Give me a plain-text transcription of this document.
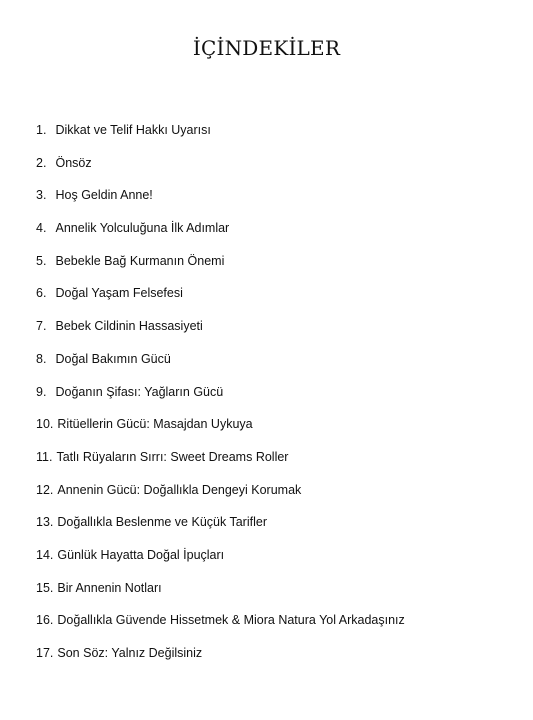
İÇİNDEKİLER
1. Dikkat ve Telif Hakkı Uyarısı
2. Önsöz
3. Hoş Geldin Anne!
4. Annelik Yolculuğuna İlk Adımlar
5. Bebekle Bağ Kurmanın Önemi
6. Doğal Yaşam Felsefesi
7. Bebek Cildinin Hassasiyeti
8. Doğal Bakımın Gücü
9. Doğanın Şifası: Yağların Gücü
10. Ritüellerin Gücü: Masajdan Uykuya
11. Tatlı Rüyaların Sırrı: Sweet Dreams Roller
12. Annenin Gücü: Doğallıkla Dengeyi Korumak
13. Doğallıkla Beslenme ve Küçük Tarifler
14. Günlük Hayatta Doğal İpuçları
15. Bir Annenin Notları
16. Doğallıkla Güvende Hissetmek & Miora Natura Yol Arkadaşınız
17. Son Söz: Yalnız Değilsiniz
